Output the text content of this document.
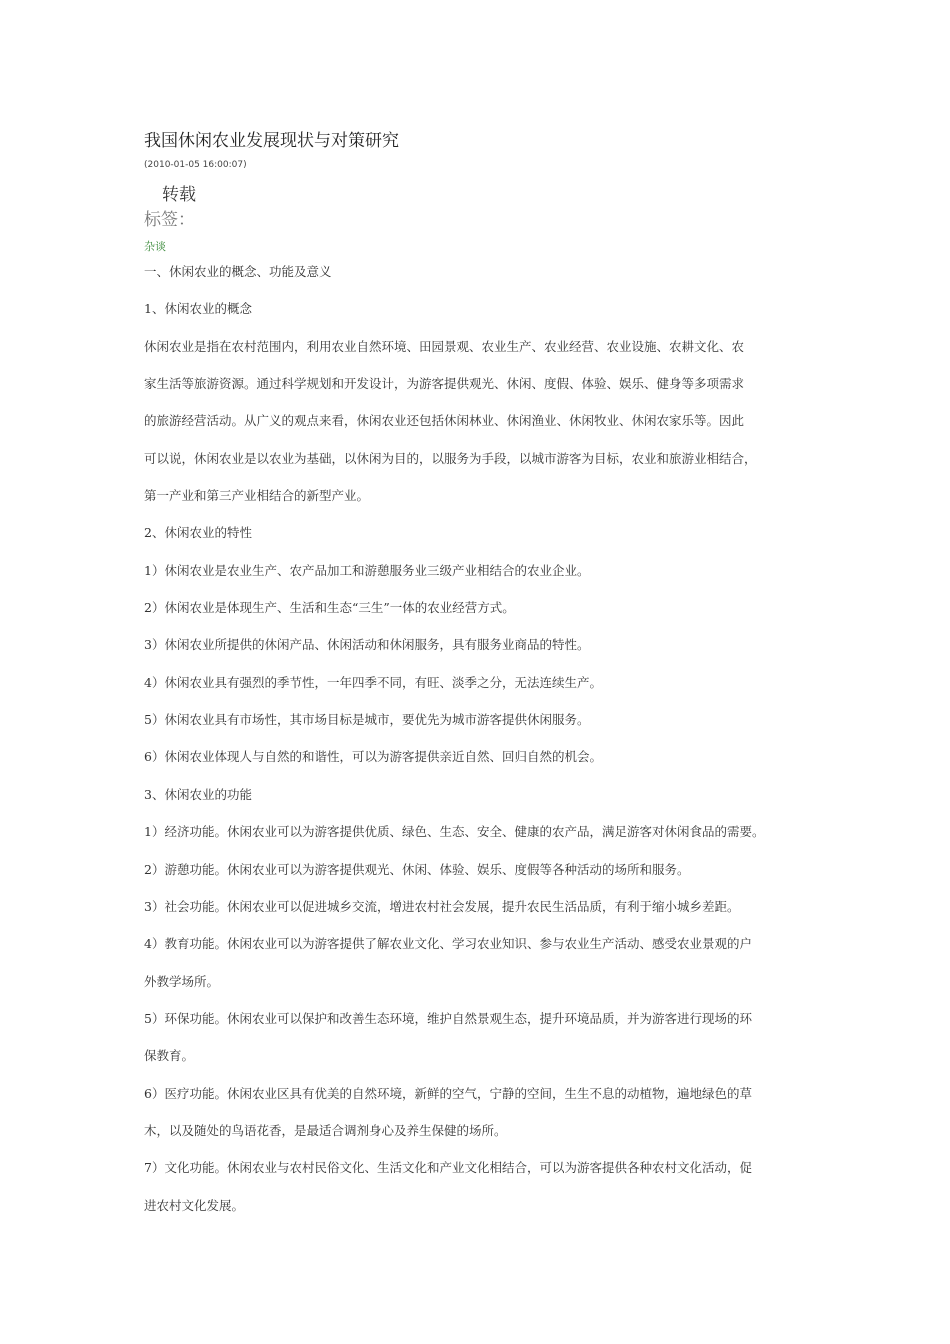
我国休闲农业发展现状与对策研究
(2010-01-05 16:00:07)
转载
标签：
杂谈
一、休闲农业的概念、功能及意义
1、休闲农业的概念
休闲农业是指在农村范围内，利用农业自然环境、田园景观、农业生产、农业经营、农业设施、农耕文化、农
家生活等旅游资源。通过科学规划和开发设计，为游客提供观光、休闲、度假、体验、娱乐、健身等多项需求
的旅游经营活动。从广义的观点来看，休闲农业还包括休闲林业、休闲渔业、休闲牧业、休闲农家乐等。因此
可以说，休闲农业是以农业为基础，以休闲为目的，以服务为手段，以城市游客为目标，农业和旅游业相结合，
第一产业和第三产业相结合的新型产业。
2、休闲农业的特性
1）休闲农业是农业生产、农产品加工和游憩服务业三级产业相结合的农业企业。
2）休闲农业是体现生产、生活和生态“三生”一体的农业经营方式。
3）休闲农业所提供的休闲产品、休闲活动和休闲服务，具有服务业商品的特性。
4）休闲农业具有强烈的季节性，一年四季不同，有旺、淡季之分，无法连续生产。
5）休闲农业具有市场性，其市场目标是城市，要优先为城市游客提供休闲服务。
6）休闲农业体现人与自然的和谐性，可以为游客提供亲近自然、回归自然的机会。
3、休闲农业的功能
1）经济功能。休闲农业可以为游客提供优质、绿色、生态、安全、健康的农产品，满足游客对休闲食品的需要。
2）游憩功能。休闲农业可以为游客提供观光、休闲、体验、娱乐、度假等各种活动的场所和服务。
3）社会功能。休闲农业可以促进城乡交流，增进农村社会发展，提升农民生活品质，有利于缩小城乡差距。
4）教育功能。休闲农业可以为游客提供了解农业文化、学习农业知识、参与农业生产活动、感受农业景观的户
外教学场所。
5）环保功能。休闲农业可以保护和改善生态环境，维护自然景观生态，提升环境品质，并为游客进行现场的环
保教育。
6）医疗功能。休闲农业区具有优美的自然环境，新鲜的空气，宁静的空间，生生不息的动植物，遍地绿色的草
木，以及随处的鸟语花香，是最适合调剂身心及养生保健的场所。
7）文化功能。休闲农业与农村民俗文化、生活文化和产业文化相结合，可以为游客提供各种农村文化活动，促
进农村文化发展。
